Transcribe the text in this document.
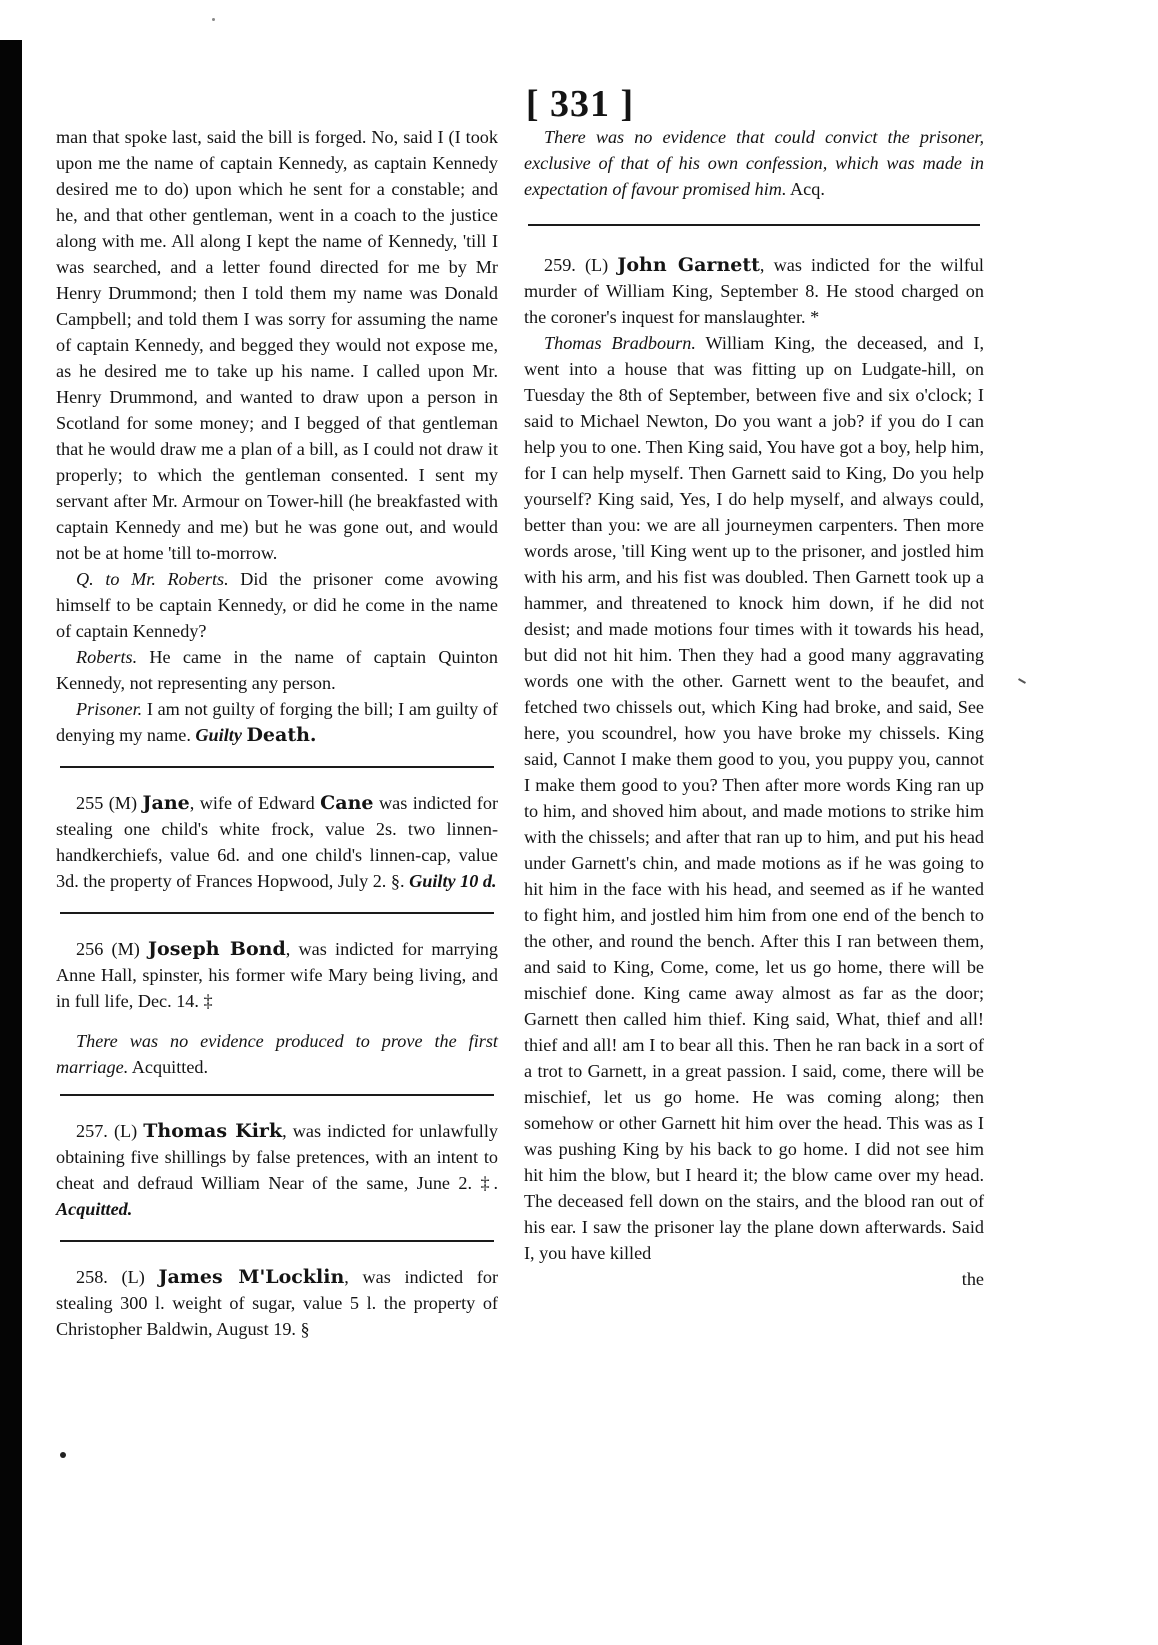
[ 331 ]

man that spoke last, said the bill is forged. No, said I (I took upon me the name of captain Kennedy, as captain Kennedy desired me to do) upon which he sent for a constable; and he, and that other gentleman, went in a coach to the justice along with me. All along I kept the name of Kennedy, 'till I was searched, and a letter found directed for me by Mr Henry Drummond; then I told them my name was Donald Campbell; and told them I was sorry for assuming the name of captain Kennedy, and begged they would not expose me, as he desired me to take up his name. I called upon Mr. Henry Drummond, and wanted to draw upon a person in Scotland for some money; and I begged of that gentleman that he would draw me a plan of a bill, as I could not draw it properly; to which the gentleman consented. I sent my servant after Mr. Armour on Tower-hill (he breakfasted with captain Kennedy and me) but he was gone out, and would not be at home 'till to-morrow.

Q. to Mr. Roberts. Did the prisoner come avowing himself to be captain Kennedy, or did he come in the name of captain Kennedy?

Roberts. He came in the name of captain Quinton Kennedy, not representing any person.

Prisoner. I am not guilty of forging the bill; I am guilty of denying my name. Guilty Death.

255 (M) Jane, wife of Edward Cane was indicted for stealing one child's white frock, value 2s. two linnen-handkerchiefs, value 6d. and one child's linnen-cap, value 3d. the property of Frances Hopwood, July 2. §. Guilty 10 d.

256 (M) Joseph Bond, was indicted for marrying Anne Hall, spinster, his former wife Mary being living, and in full life, Dec. 14. ‡

There was no evidence produced to prove the first marriage. Acquitted.

257. (L) Thomas Kirk, was indicted for unlawfully obtaining five shillings by false pretences, with an intent to cheat and defraud William Near of the same, June 2. ‡. Acquitted.

258. (L) James M'Locklin, was indicted for stealing 300 l. weight of sugar, value 5 l. the property of Christopher Baldwin, August 19. §

There was no evidence that could convict the prisoner, exclusive of that of his own confession, which was made in expectation of favour promised him. Acq.

259. (L) John Garnett, was indicted for the wilful murder of William King, September 8. He stood charged on the coroner's inquest for manslaughter. *

Thomas Bradbourn. William King, the deceased, and I, went into a house that was fitting up on Ludgate-hill, on Tuesday the 8th of September, between five and six o'clock; I said to Michael Newton, Do you want a job? if you do I can help you to one. Then King said, You have got a boy, help him, for I can help myself. Then Garnett said to King, Do you help yourself? King said, Yes, I do help myself, and always could, better than you: we are all journeymen carpenters. Then more words arose, 'till King went up to the prisoner, and jostled him with his arm, and his fist was doubled. Then Garnett took up a hammer, and threatened to knock him down, if he did not desist; and made motions four times with it towards his head, but did not hit him. Then they had a good many aggravating words one with the other. Garnett went to the beaufet, and fetched two chissels out, which King had broke, and said, See here, you scoundrel, how you have broke my chissels. King said, Cannot I make them good to you, you puppy you, cannot I make them good to you? Then after more words King ran up to him, and shoved him about, and made motions to strike him with the chissels; and after that ran up to him, and put his head under Garnett's chin, and made motions as if he was going to hit him in the face with his head, and seemed as if he wanted to fight him, and jostled him him from one end of the bench to the other, and round the bench. After this I ran between them, and said to King, Come, come, let us go home, there will be mischief done. King came away almost as far as the door; Garnett then called him thief. King said, What, thief and all! thief and all! am I to bear all this. Then he ran back in a sort of a trot to Garnett, in a great passion. I said, come, there will be mischief, let us go home. He was coming along; then somehow or other Garnett hit him over the head. This was as I was pushing King by his back to go home. I did not see him hit him the blow, but I heard it; the blow came over my head. The deceased fell down on the stairs, and the blood ran out of his ear. I saw the prisoner lay the plane down afterwards. Said I, you have killed

the
